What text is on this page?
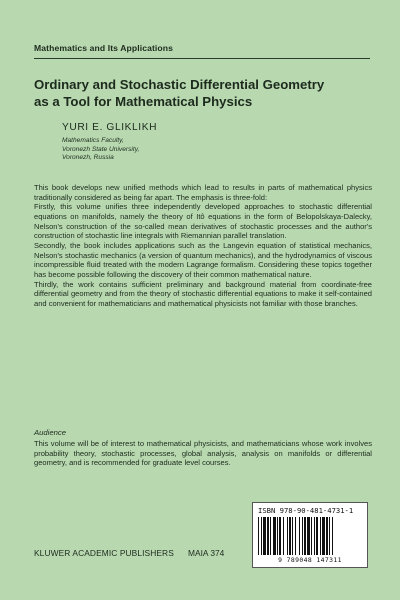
Mathematics and Its Applications
Ordinary and Stochastic Differential Geometry
as a Tool for Mathematical Physics
YURI E. GLIKLIKH
Mathematics Faculty,
Voronezh State University,
Voronezh, Russia

This book develops new unified methods which lead to results in parts of mathematical physics traditionally considered as being far apart. The emphasis is three-fold:

Firstly, this volume unifies three independently developed approaches to stochastic differential equations on manifolds, namely the theory of Itô equations in the form of Belopolskaya-Dalecky, Nelson's construction of the so-called mean derivatives of stochastic processes and the author's construction of stochastic line integrals with Riemannian parallel translation.

Secondly, the book includes applications such as the Langevin equation of statistical mechanics, Nelson's stochastic mechanics (a version of quantum mechanics), and the hydrodynamics of viscous incompressible fluid treated with the modern Lagrange formalism. Considering these topics together has become possible following the discovery of their common mathematical nature.

Thirdly, the work contains sufficient preliminary and background material from coordinate-free differential geometry and from the theory of stochastic differential equations to make it self-contained and convenient for mathematicians and mathematical physicists not familiar with those branches.

Audience
This volume will be of interest to mathematical physicists, and mathematicians whose work involves probability theory, stochastic processes, global analysis, analysis on manifolds or differential geometry, and is recommended for graduate level courses.
ISBN 978-90-481-4731-1
9 789048 147311
KLUWER ACADEMIC PUBLISHERS MAIA 374
